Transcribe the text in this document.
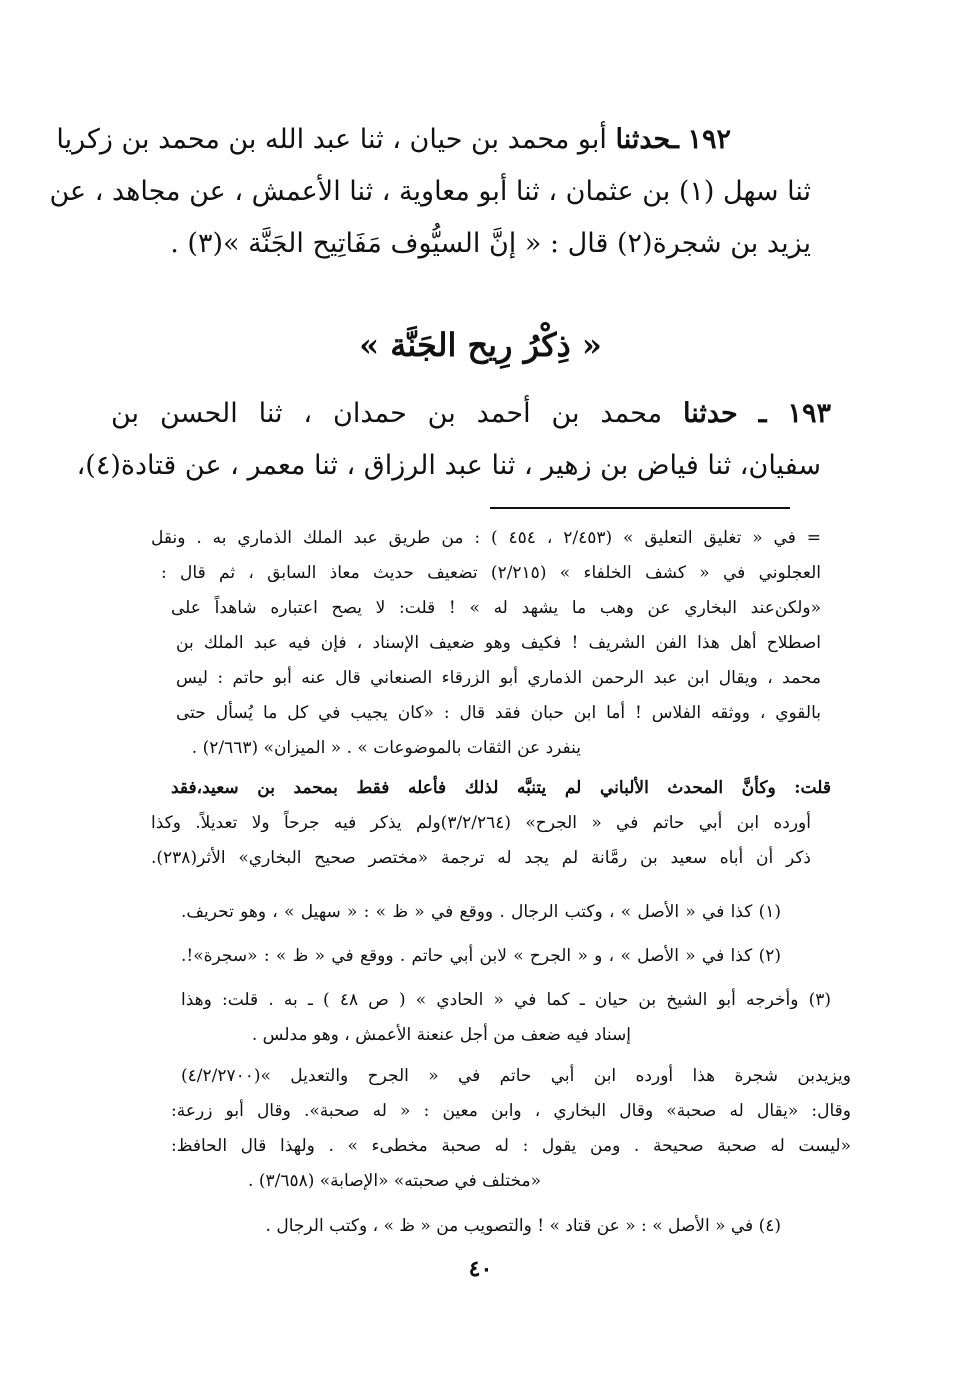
١٩٢ ـحدثنا أبو محمد بن حيان ، ثنا عبد الله بن محمد بن زكريا
ثنا سهل (١) بن عثمان ، ثنا أبو معاوية ، ثنا الأعمش ، عن مجاهد ، عن
يزيد بن شجرة(٢) قال : « إنَّ السيُّوف مَفَاتِيح الجَنَّة »(٣) .
« ذِكْرُ رِيح الجَنَّة »
١٩٣ ـ حدثنا محمد بن أحمد بن حمدان ، ثنا الحسن بن
سفيان، ثنا فياض بن زهير ، ثنا عبد الرزاق ، ثنا معمر ، عن قتادة(٤)،
= في « تغليق التعليق » (٢/٤٥٣ ، ٤٥٤ ) : من طريق عبد الملك الذماري به . ونقل
العجلوني في « كشف الخلفاء » (٢/٢١٥) تضعيف حديث معاذ السابق ، ثم قال :
«ولكن‌عند البخاري عن وهب ما يشهد له » ! قلت: لا يصح اعتباره شاهداً على
اصطلاح أهل هذا الفن الشريف ! فكيف وهو ضعيف الإسناد ، فإن فيه عبد الملك بن
محمد ، ويقال ابن عبد الرحمن الذماري أبو الزرقاء الصنعاني قال عنه أبو حاتم : ليس
بالقوي ، ووثقه الفلاس ! أما ابن حبان فقد قال : «كان يجيب في كل ما يُسأل حتى
ينفرد عن الثقات بالموضوعات » . « الميزان» (٢/٦٦٣) .
قلت: وكأنَّ المحدث الألباني لم يتنبَّه لذلك فأعله فقط بمحمد بن سعيد،فقد
أورده ابن أبي حاتم في « الجرح» (٣/٢/٢٦٤)ولم يذكر فيه جرحاً ولا تعديلاً. وكذا
ذكر أن أباه سعيد بن رمَّانة لم يجد له ترجمة «مختصر صحيح البخاري» الأثر(٢٣٨).
(١) كذا في « الأصل » ، وكتب الرجال . ووقع في « ظ » : « سهيل » ، وهو تحريف.
(٢) كذا في « الأصل » ، و « الجرح » لابن أبي حاتم . ووقع في « ظ » : «سجرة»!.
(٣) وأخرجه أبو الشيخ بن حيان ـ كما في « الحادي » ( ص ٤٨ ) ـ به . قلت: وهذا
إسناد فيه ضعف من أجل عنعنة الأعمش ، وهو مدلس .
ويزيدبن شجرة هذا أورده ابن أبي حاتم في « الجرح والتعديل »(٤/٢/٢٧٠٠)
وقال: «يقال له صحبة» وقال البخاري ، وابن معين : « له صحبة». وقال أبو زرعة:
«ليست له صحبة صحيحة . ومن يقول : له صحبة مخطىء » . ولهذا قال الحافظ:
«مختلف في صحبته» «الإصابة» (٣/٦٥٨) .
(٤) في « الأصل » : « عن قتاد » ! والتصويب من « ظ » ، وكتب الرجال .
٤٠
